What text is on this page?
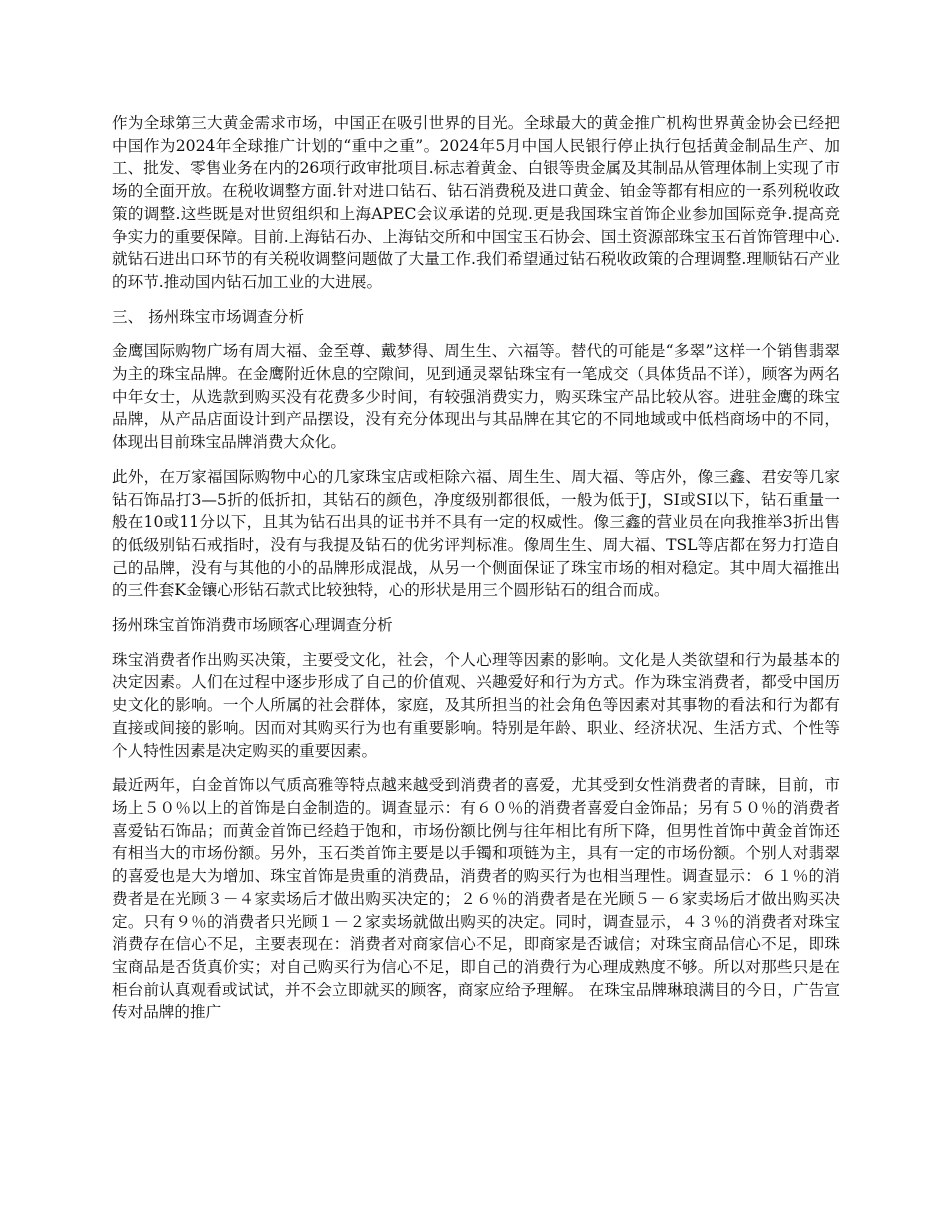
作为全球第三大黄金需求市场，中国正在吸引世界的目光。全球最大的黄金推广机构世界黄金协会已经把中国作为2024年全球推广计划的“重中之重”。2024年5月中国人民银行停止执行包括黄金制品生产、加工、批发、零售业务在内的26项行政审批项目.标志着黄金、白银等贵金属及其制品从管理体制上实现了市场的全面开放。在税收调整方面.针对进口钻石、钻石消费税及进口黄金、铂金等都有相应的一系列税收政策的调整.这些既是对世贸组织和上海APEC会议承诺的兑现.更是我国珠宝首饰企业参加国际竞争.提高竞争实力的重要保障。目前.上海钻石办、上海钻交所和中国宝玉石协会、国土资源部珠宝玉石首饰管理中心.就钻石进出口环节的有关税收调整问题做了大量工作.我们希望通过钻石税收政策的合理调整.理顺钻石产业的环节.推动国内钻石加工业的大进展。

三、 扬州珠宝市场调查分析

金鹰国际购物广场有周大福、金至尊、戴梦得、周生生、六福等。替代的可能是“多翠”这样一个销售翡翠为主的珠宝品牌。在金鹰附近休息的空隙间，见到通灵翠钻珠宝有一笔成交（具体货品不详），顾客为两名中年女士，从选款到购买没有花费多少时间，有较强消费实力，购买珠宝产品比较从容。进驻金鹰的珠宝品牌，从产品店面设计到产品摆设，没有充分体现出与其品牌在其它的不同地域或中低档商场中的不同，体现出目前珠宝品牌消费大众化。

此外，在万家福国际购物中心的几家珠宝店或柜除六福、周生生、周大福、等店外，像三鑫、君安等几家钻石饰品打3—5折的低折扣，其钻石的颜色，净度级别都很低，一般为低于J，SI或SI以下，钻石重量一般在10或11分以下，且其为钻石出具的证书并不具有一定的权威性。像三鑫的营业员在向我推举3折出售的低级别钻石戒指时，没有与我提及钻石的优劣评判标准。像周生生、周大福、TSL等店都在努力打造自己的品牌，没有与其他的小的品牌形成混战，从另一个侧面保证了珠宝市场的相对稳定。其中周大福推出的三件套K金镶心形钻石款式比较独特，心的形状是用三个圆形钻石的组合而成。

扬州珠宝首饰消费市场顾客心理调查分析

珠宝消费者作出购买决策，主要受文化，社会，个人心理等因素的影响。文化是人类欲望和行为最基本的决定因素。人们在过程中逐步形成了自己的价值观、兴趣爱好和行为方式。作为珠宝消费者，都受中国历史文化的影响。一个人所属的社会群体，家庭，及其所担当的社会角色等因素对其事物的看法和行为都有直接或间接的影响。因而对其购买行为也有重要影响。特别是年龄、职业、经济状况、生活方式、个性等个人特性因素是决定购买的重要因素。

最近两年，白金首饰以气质高雅等特点越来越受到消费者的喜爱，尤其受到女性消费者的青睐，目前，市场上５０％以上的首饰是白金制造的。调查显示：有６０％的消费者喜爱白金饰品；另有５０％的消费者喜爱钻石饰品；而黄金首饰已经趋于饱和，市场份额比例与往年相比有所下降，但男性首饰中黄金首饰还有相当大的市场份额。另外，玉石类首饰主要是以手镯和项链为主，具有一定的市场份额。个别人对翡翠的喜爱也是大为增加、珠宝首饰是贵重的消费品，消费者的购买行为也相当理性。调查显示：６１％的消费者是在光顾３－４家卖场后才做出购买决定的；２６％的消费者是在光顾５－６家卖场后才做出购买决定。只有９％的消费者只光顾１－２家卖场就做出购买的决定。同时，调查显示，４３％的消费者对珠宝消费存在信心不足，主要表现在：消费者对商家信心不足，即商家是否诚信；对珠宝商品信心不足，即珠宝商品是否货真价实；对自己购买行为信心不足，即自己的消费行为心理成熟度不够。所以对那些只是在柜台前认真观看或试试，并不会立即就买的顾客，商家应给予理解。 在珠宝品牌琳琅满目的今日，广告宣传对品牌的推广
